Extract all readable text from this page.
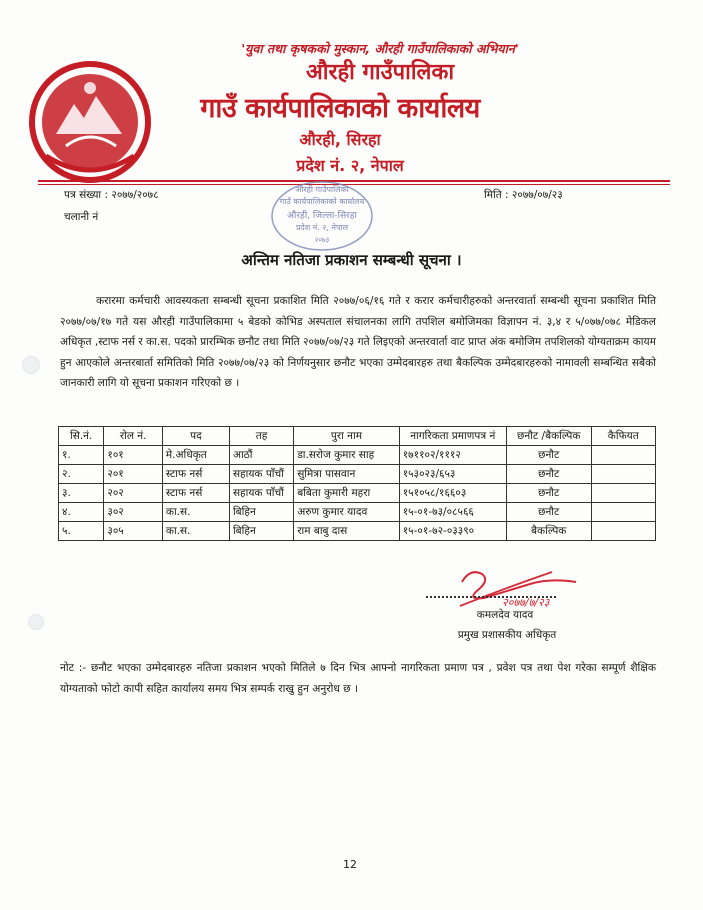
'युवा तथा कृषकको मुस्कान, औरही गाउँपालिकाको अभियान'
औरही गाउँपालिका
गाउँ कार्यपालिकाको कार्यालय
औरही, सिरहा
प्रदेश नं. २, नेपाल
पत्र संख्या : २०७७/२०७८
चलानी नं
मिति : २०७७/०७/२३
औरही गाउँपालिका
गाउँ कार्यपालिकाको कार्यालय
औरही, जिल्ला-सिरहा
प्रदेश नं. २, नेपाल
२०७३
अन्तिम नतिजा प्रकाशन सम्बन्धी सूचना ।
करारमा कर्मचारी आवस्यकता सम्बन्धी सूचना प्रकाशित मिति २०७७/०६/१६ गते र करार कर्मचारीहरुको अन्तरवार्ता सम्बन्धी सूचना प्रकाशित मिति २०७७/०७/१७ गते यस औरही गाउँपालिकामा ५ बेडको कोभिड अस्पताल संचालनका लागि तपशिल बमोजिमका विज्ञापन नं. ३,४ र ५/०७७/०७८ मेडिकल अधिकृत ,स्टाफ नर्स र का.स. पदको प्रारम्भिक छनौट तथा मिति २०७७/०७/२३ गते लिइएको अन्तरवार्ता वाट प्राप्त अंक बमोजिम तपशिलको योग्यताक्रम कायम हुन आएकोले अन्तरबार्ता समितिको मिति २०७७/०७/२३ को निर्णयनुसार छनौट भएका उम्मेदबारहरु तथा बैकल्पिक उम्मेदबारहरुको नामावली सम्बन्धित सबैको जानकारी लागि यो सूचना प्रकाशन गरिएको छ ।
सि.नं.	रोल नं.	पद	तह	पुरा नाम	नागरिकता प्रमाणपत्र नं	छनौट /बैकल्पिक	कैफियत
१.	१०१	मे.अधिकृत	आठौं	डा.सरोज कुमार साह	१७११०२/१११२	छनौट	
२.	२०१	स्टाफ नर्स	सहायक पाँचौं	सुमित्रा पासवान	१५३०२३/६५३	छनौट	
३.	२०२	स्टाफ नर्स	सहायक पाँचौं	बबिता कुमारी महरा	१५१०५८/१६६०३	छनौट	
४.	३०२	का.स.	बिहिन	अरुण कुमार यादव	१५-०१-७३/०८५६६	छनौट	
५.	३०५	का.स.	बिहिन	राम बाबु दास	१५-०१-७२-०३३९०	बैकल्पिक	
२०७७/७/२३
कमलदेव यादव
प्रमुख प्रशासकीय अधिकृत
नोट :- छनौट भएका उम्मेदबारहरु नतिजा प्रकाशन भएको मितिले ७ दिन भित्र आफ्नो नागरिकता प्रमाण पत्र , प्रवेश पत्र तथा पेश गरेका सम्पूर्ण शैक्षिक योग्यताको फोटो कापी सहित कार्यालय समय भित्र सम्पर्क राखु हुन अनुरोध छ ।
12
